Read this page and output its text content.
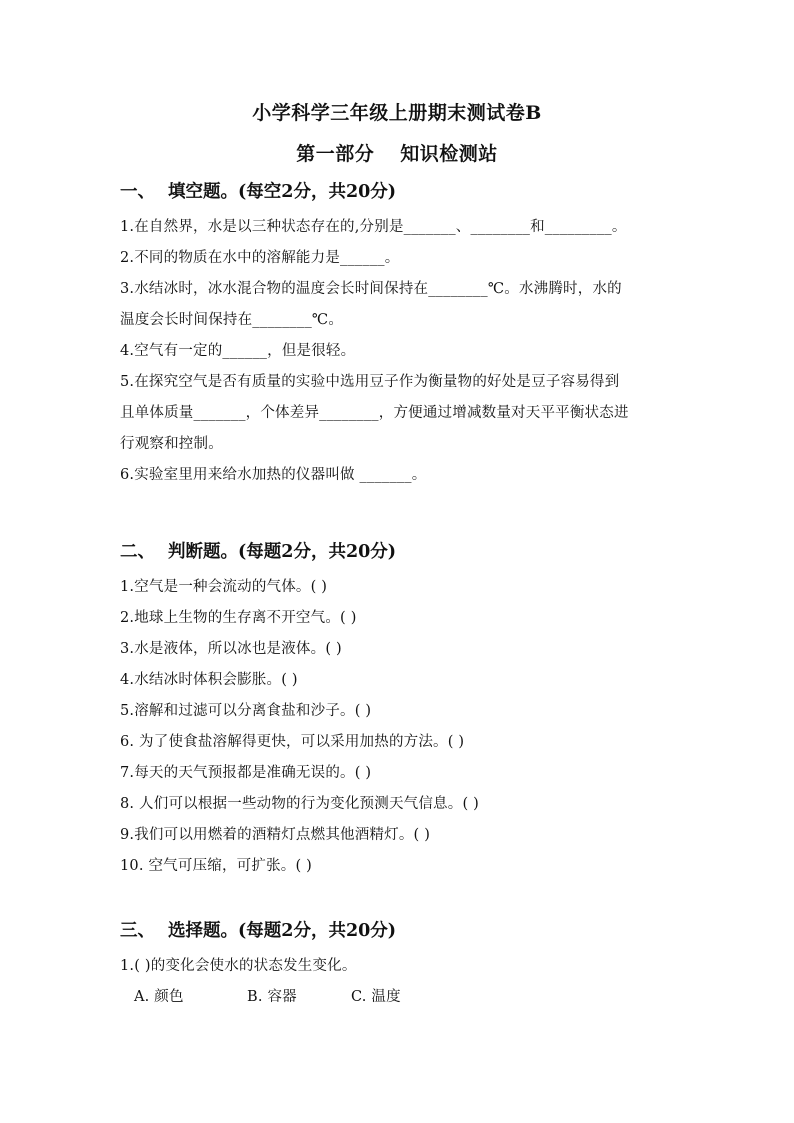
小学科学三年级上册期末测试卷B
第一部分 知识检测站
一、 填空题。(每空2分，共20分)
1.在自然界，水是以三种状态存在的,分别是_______、________和_________。
2.不同的物质在水中的溶解能力是______。
3.水结冰时，冰水混合物的温度会长时间保持在________℃。水沸腾时，水的
温度会长时间保持在________℃。
4.空气有一定的______，但是很轻。
5.在探究空气是否有质量的实验中选用豆子作为衡量物的好处是豆子容易得到
且单体质量_______，个体差异________，方便通过增减数量对天平平衡状态进
行观察和控制。
6.实验室里用来给水加热的仪器叫做 _______。
二、 判断题。(每题2分，共20分)
1.空气是一种会流动的气体。( )
2.地球上生物的生存离不开空气。( )
3.水是液体，所以冰也是液体。( )
4.水结冰时体积会膨胀。( )
5.溶解和过滤可以分离食盐和沙子。( )
6. 为了使食盐溶解得更快，可以采用加热的方法。( )
7.每天的天气预报都是准确无误的。( )
8. 人们可以根据一些动物的行为变化预测天气信息。( )
9.我们可以用燃着的酒精灯点燃其他酒精灯。( )
10. 空气可压缩，可扩张。( )
三、 选择题。(每题2分，共20分)
1.( )的变化会使水的状态发生变化。
A. 颜色	B. 容器	C. 温度
